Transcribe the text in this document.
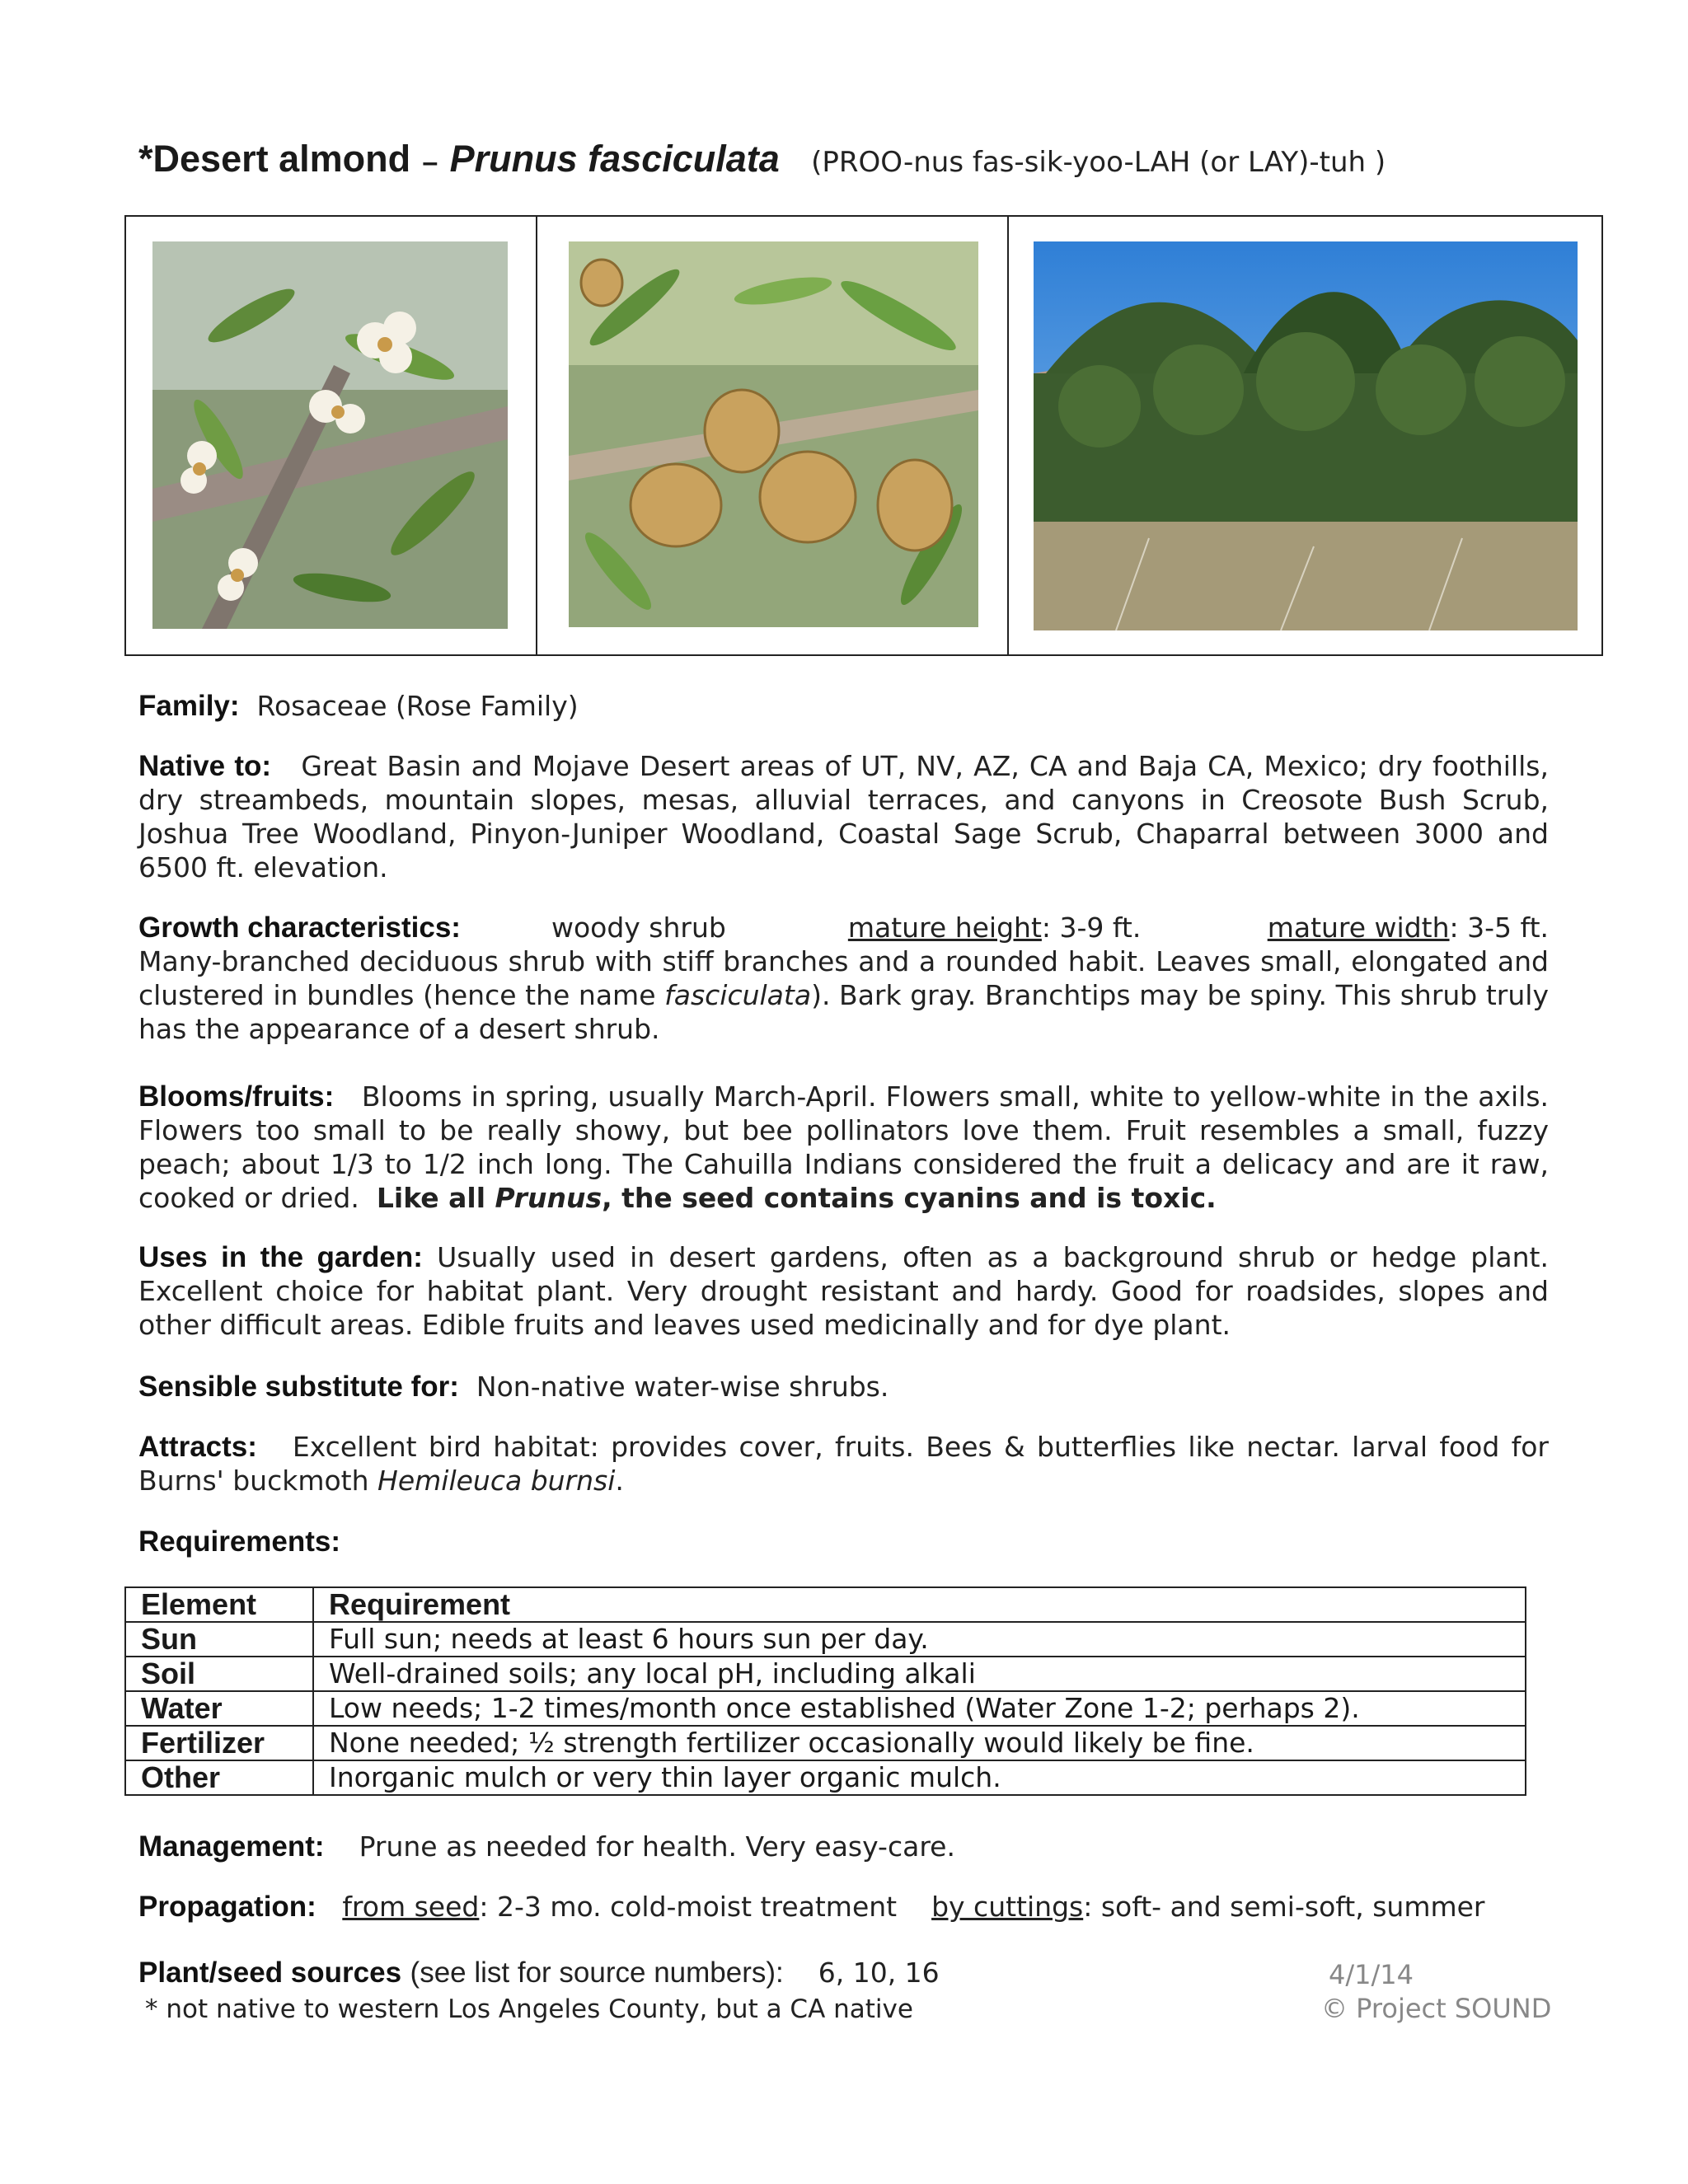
*Desert almond – Prunus fasciculata (PROO-nus fas-sik-yoo-LAH (or LAY)-tuh )
Family: Rosaceae (Rose Family)
Native to: Great Basin and Mojave Desert areas of UT, NV, AZ, CA and Baja CA, Mexico; dry foothills, dry streambeds, mountain slopes, mesas, alluvial terraces, and canyons in Creosote Bush Scrub, Joshua Tree Woodland, Pinyon-Juniper Woodland, Coastal Sage Scrub, Chaparral between 3000 and 6500 ft. elevation.
Growth characteristics:	woody shrub	mature height: 3-9 ft.	mature width: 3-5 ft.
Many-branched deciduous shrub with stiff branches and a rounded habit. Leaves small, elongated and clustered in bundles (hence the name fasciculata). Bark gray. Branchtips may be spiny. This shrub truly has the appearance of a desert shrub.
Blooms/fruits: Blooms in spring, usually March-April. Flowers small, white to yellow-white in the axils. Flowers too small to be really showy, but bee pollinators love them. Fruit resembles a small, fuzzy peach; about 1/3 to 1/2 inch long. The Cahuilla Indians considered the fruit a delicacy and are it raw, cooked or dried. Like all Prunus, the seed contains cyanins and is toxic.
Uses in the garden: Usually used in desert gardens, often as a background shrub or hedge plant. Excellent choice for habitat plant. Very drought resistant and hardy. Good for roadsides, slopes and other difficult areas. Edible fruits and leaves used medicinally and for dye plant.
Sensible substitute for: Non-native water-wise shrubs.
Attracts: Excellent bird habitat: provides cover, fruits. Bees & butterflies like nectar. larval food for Burns' buckmoth Hemileuca burnsi.
Requirements:
Element	Requirement
Sun	Full sun; needs at least 6 hours sun per day.
Soil	Well-drained soils; any local pH, including alkali
Water	Low needs; 1-2 times/month once established (Water Zone 1-2; perhaps 2).
Fertilizer	None needed; ½ strength fertilizer occasionally would likely be fine.
Other	Inorganic mulch or very thin layer organic mulch.
Management: Prune as needed for health. Very easy-care.
Propagation: from seed: 2-3 mo. cold-moist treatment by cuttings: soft- and semi-soft, summer
Plant/seed sources (see list for source numbers): 6, 10, 16
* not native to western Los Angeles County, but a CA native
4/1/14
© Project SOUND
